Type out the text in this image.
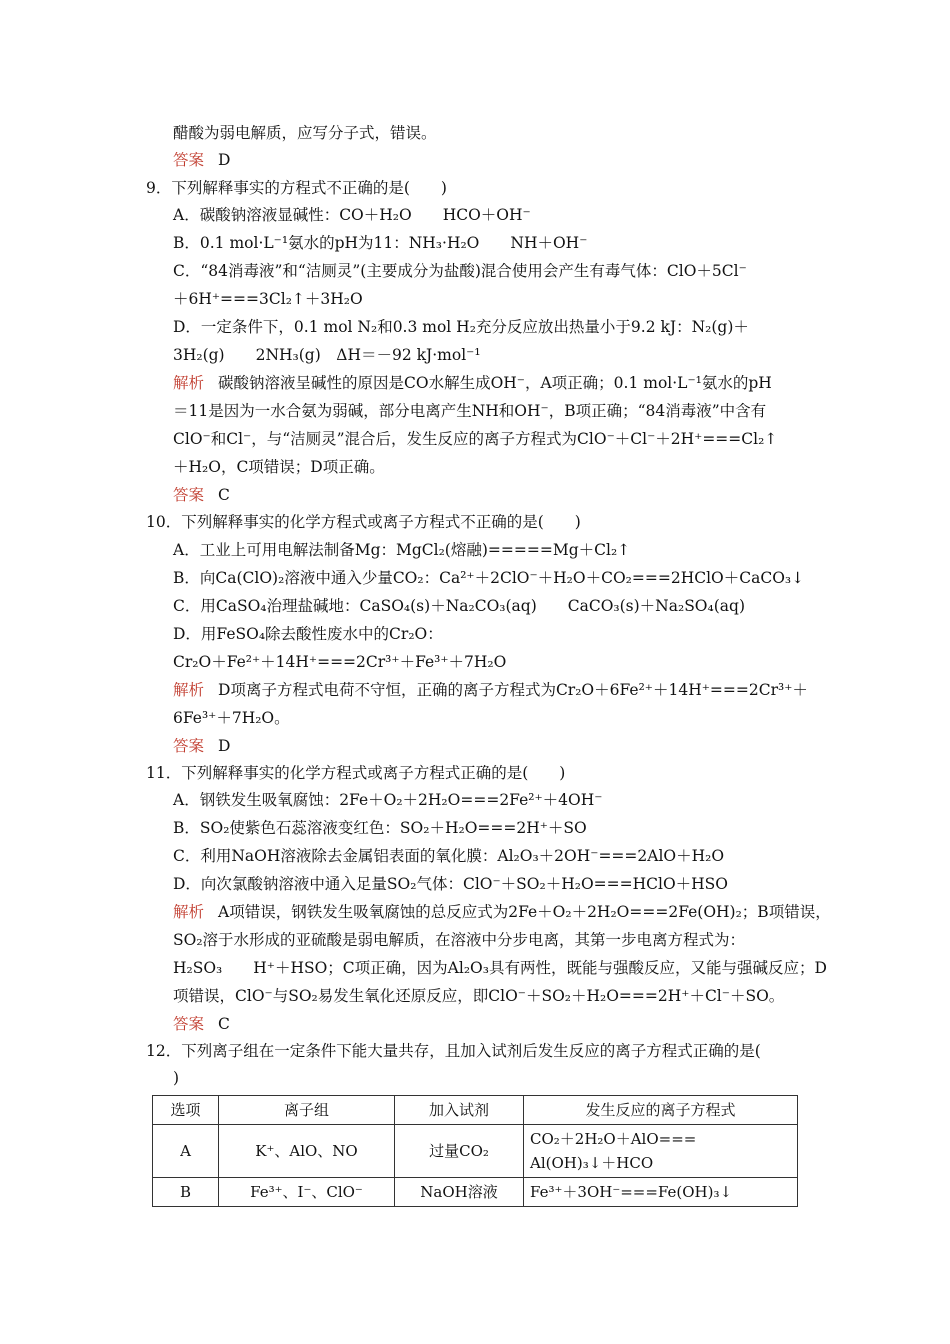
醋酸为弱电解质，应写分子式，错误。
答案 D
9．下列解释事实的方程式不正确的是(　　)
A．碳酸钠溶液显碱性：CO＋H₂O　　HCO＋OH⁻
B．0.1 mol·L⁻¹氨水的pH为11：NH₃·H₂O　　NH＋OH⁻
C．“84消毒液”和“洁厕灵”(主要成分为盐酸)混合使用会产生有毒气体：ClO＋5Cl⁻
＋6H⁺===3Cl₂↑＋3H₂O
D．一定条件下，0.1 mol N₂和0.3 mol H₂充分反应放出热量小于9.2 kJ：N₂(g)＋
3H₂(g)　　2NH₃(g)　ΔH＝－92 kJ·mol⁻¹
解析 碳酸钠溶液呈碱性的原因是CO水解生成OH⁻，A项正确；0.1 mol·L⁻¹氨水的pH
＝11是因为一水合氨为弱碱，部分电离产生NH和OH⁻，B项正确；“84消毒液”中含有
ClO⁻和Cl⁻，与“洁厕灵”混合后，发生反应的离子方程式为ClO⁻＋Cl⁻＋2H⁺===Cl₂↑
＋H₂O，C项错误；D项正确。
答案 C
10．下列解释事实的化学方程式或离子方程式不正确的是(　　)
A．工业上可用电解法制备Mg：MgCl₂(熔融)=====Mg＋Cl₂↑
B．向Ca(ClO)₂溶液中通入少量CO₂：Ca²⁺＋2ClO⁻＋H₂O＋CO₂===2HClO＋CaCO₃↓
C．用CaSO₄治理盐碱地：CaSO₄(s)＋Na₂CO₃(aq)　　CaCO₃(s)＋Na₂SO₄(aq)
D．用FeSO₄除去酸性废水中的Cr₂O：
Cr₂O＋Fe²⁺＋14H⁺===2Cr³⁺＋Fe³⁺＋7H₂O
解析 D项离子方程式电荷不守恒，正确的离子方程式为Cr₂O＋6Fe²⁺＋14H⁺===2Cr³⁺＋
6Fe³⁺＋7H₂O。
答案 D
11．下列解释事实的化学方程式或离子方程式正确的是(　　)
A．钢铁发生吸氧腐蚀：2Fe＋O₂＋2H₂O===2Fe²⁺＋4OH⁻
B．SO₂使紫色石蕊溶液变红色：SO₂＋H₂O===2H⁺＋SO
C．利用NaOH溶液除去金属铝表面的氧化膜：Al₂O₃＋2OH⁻===2AlO＋H₂O
D．向次氯酸钠溶液中通入足量SO₂气体：ClO⁻＋SO₂＋H₂O===HClO＋HSO
解析 A项错误，钢铁发生吸氧腐蚀的总反应式为2Fe＋O₂＋2H₂O===2Fe(OH)₂；B项错误，
SO₂溶于水形成的亚硫酸是弱电解质，在溶液中分步电离，其第一步电离方程式为：
H₂SO₃　　H⁺＋HSO；C项正确，因为Al₂O₃具有两性，既能与强酸反应，又能与强碱反应；D
项错误，ClO⁻与SO₂易发生氧化还原反应，即ClO⁻＋SO₂＋H₂O===2H⁺＋Cl⁻＋SO。
答案 C
12．下列离子组在一定条件下能大量共存，且加入试剂后发生反应的离子方程式正确的是(
)
选项	离子组	加入试剂	发生反应的离子方程式
A	K⁺、AlO、NO	过量CO₂	CO₂＋2H₂O＋AlO===
Al(OH)₃↓＋HCO

B	Fe³⁺、I⁻、ClO⁻	NaOH溶液	Fe³⁺＋3OH⁻===Fe(OH)₃↓
